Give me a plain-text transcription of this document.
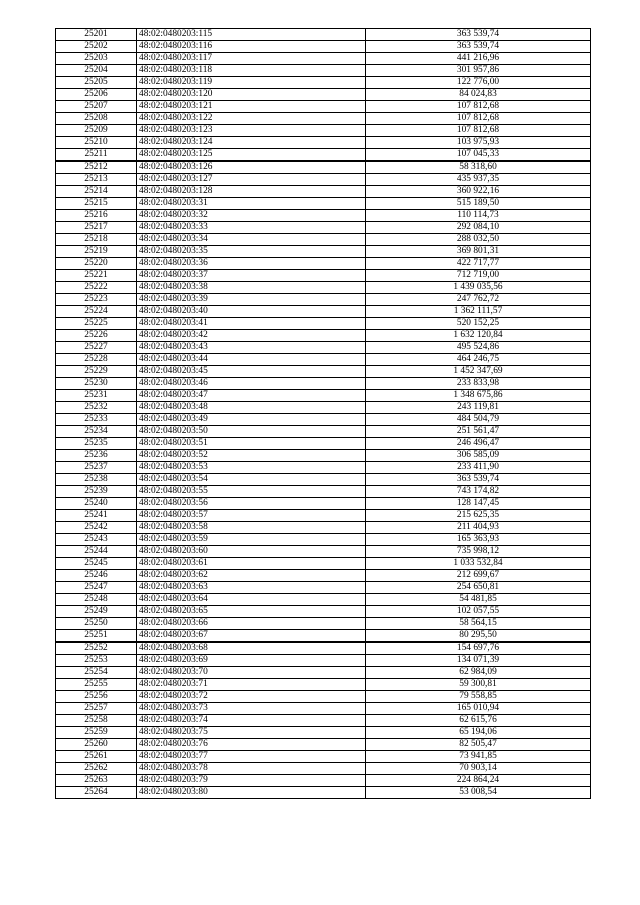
25201	48:02:0480203:115	363 539,74
25202	48:02:0480203:116	363 539,74
25203	48:02:0480203:117	441 216,96
25204	48:02:0480203:118	301 957,86
25205	48:02:0480203:119	122 776,00
25206	48:02:0480203:120	84 024,83
25207	48:02:0480203:121	107 812,68
25208	48:02:0480203:122	107 812,68
25209	48:02:0480203:123	107 812,68
25210	48:02:0480203:124	103 975,93
25211	48:02:0480203:125	107 045,33
25212	48:02:0480203:126	58 318,60
25213	48:02:0480203:127	435 937,35
25214	48:02:0480203:128	360 922,16
25215	48:02:0480203:31	515 189,50
25216	48:02:0480203:32	110 114,73
25217	48:02:0480203:33	292 084,10
25218	48:02:0480203:34	288 032,50
25219	48:02:0480203:35	369 801,31
25220	48:02:0480203:36	422 717,77
25221	48:02:0480203:37	712 719,00
25222	48:02:0480203:38	1 439 035,56
25223	48:02:0480203:39	247 762,72
25224	48:02:0480203:40	1 362 111,57
25225	48:02:0480203:41	520 152,25
25226	48:02:0480203:42	1 632 120,84
25227	48:02:0480203:43	495 524,86
25228	48:02:0480203:44	464 246,75
25229	48:02:0480203:45	1 452 347,69
25230	48:02:0480203:46	233 833,98
25231	48:02:0480203:47	1 348 675,86
25232	48:02:0480203:48	243 119,81
25233	48:02:0480203:49	484 504,79
25234	48:02:0480203:50	251 561,47
25235	48:02:0480203:51	246 496,47
25236	48:02:0480203:52	306 585,09
25237	48:02:0480203:53	233 411,90
25238	48:02:0480203:54	363 539,74
25239	48:02:0480203:55	743 174,82
25240	48:02:0480203:56	128 147,45
25241	48:02:0480203:57	215 625,35
25242	48:02:0480203:58	211 404,93
25243	48:02:0480203:59	165 363,93
25244	48:02:0480203:60	735 998,12
25245	48:02:0480203:61	1 033 532,84
25246	48:02:0480203:62	212 699,67
25247	48:02:0480203:63	254 650,81
25248	48:02:0480203:64	54 481,85
25249	48:02:0480203:65	102 057,55
25250	48:02:0480203:66	58 564,15
25251	48:02:0480203:67	80 295,50
25252	48:02:0480203:68	154 697,76
25253	48:02:0480203:69	134 071,39
25254	48:02:0480203:70	62 984,09
25255	48:02:0480203:71	59 300,81
25256	48:02:0480203:72	79 558,85
25257	48:02:0480203:73	165 010,94
25258	48:02:0480203:74	62 615,76
25259	48:02:0480203:75	65 194,06
25260	48:02:0480203:76	82 505,47
25261	48:02:0480203:77	73 941,85
25262	48:02:0480203:78	70 903,14
25263	48:02:0480203:79	224 864,24
25264	48:02:0480203:80	53 008,54
